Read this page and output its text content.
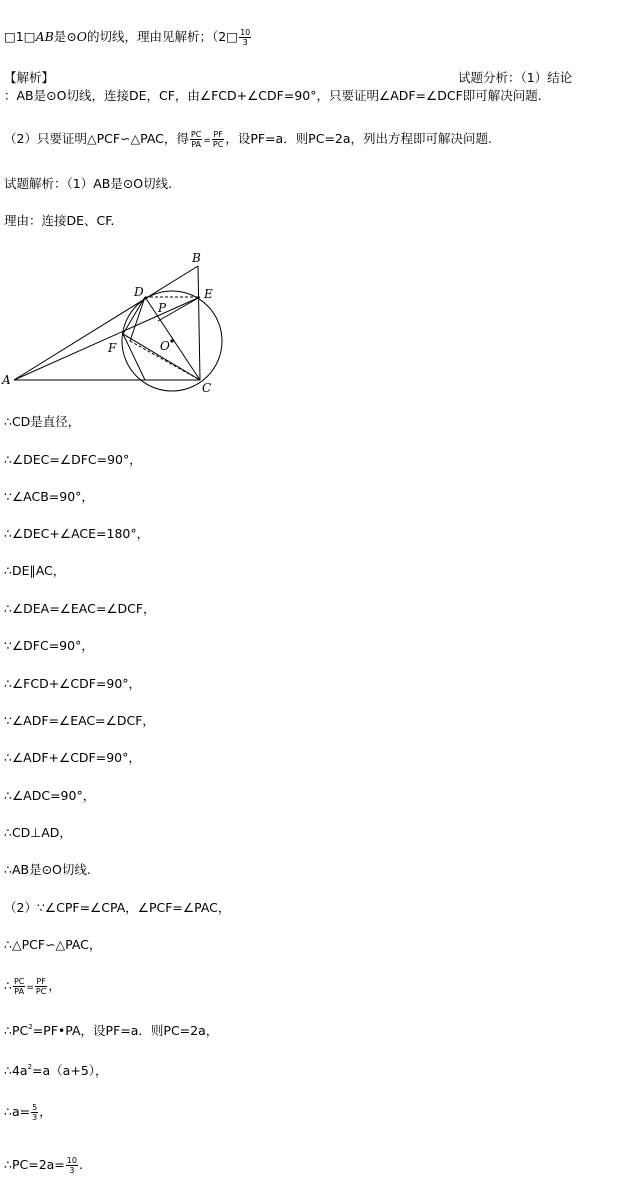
□1□AB是⊙O的切线，理由见解析；（2□ $\frac{10}{3}$
【解析】	试题分析：（1）结论
：AB是⊙O切线，连接DE，CF，由∠FCD+∠CDF=90°，只要证明∠ADF=∠DCF即可解决问题.
（2）只要证明△PCF∽△PAC，得 $\frac{PC}{PA} = \frac{PF}{PC}$ ，设PF=a．则PC=2a，列出方程即可解决问题.
试题解析：（1）AB是⊙O切线.
理由：连接DE、CF.
B
D	E
P
F	O
A
C
∴CD是直径，
∴∠DEC=∠DFC=90°，
∵∠ACB=90°，
∴∠DEC+∠ACE=180°，
∴DE∥AC，
∴∠DEA=∠EAC=∠DCF，
∵∠DFC=90°，
∴∠FCD+∠CDF=90°，
∵∠ADF=∠EAC=∠DCF，
∴∠ADF+∠CDF=90°，
∴∠ADC=90°，
∴CD⊥AD，
∴AB是⊙O切线.
（2）∵∠CPF=∠CPA，∠PCF=∠PAC，
∴△PCF∽△PAC，
∴ $\frac{PC}{PA} = \frac{PF}{PC}$ ，
$\therefore PC^2=PF•PA$，设PF=a．则PC=2a，
$\therefore 4a^2=a(a+5)$，
∴a= $\frac{5}{3}$ ，
∴PC=2a= $\frac{10}{3}$ .
